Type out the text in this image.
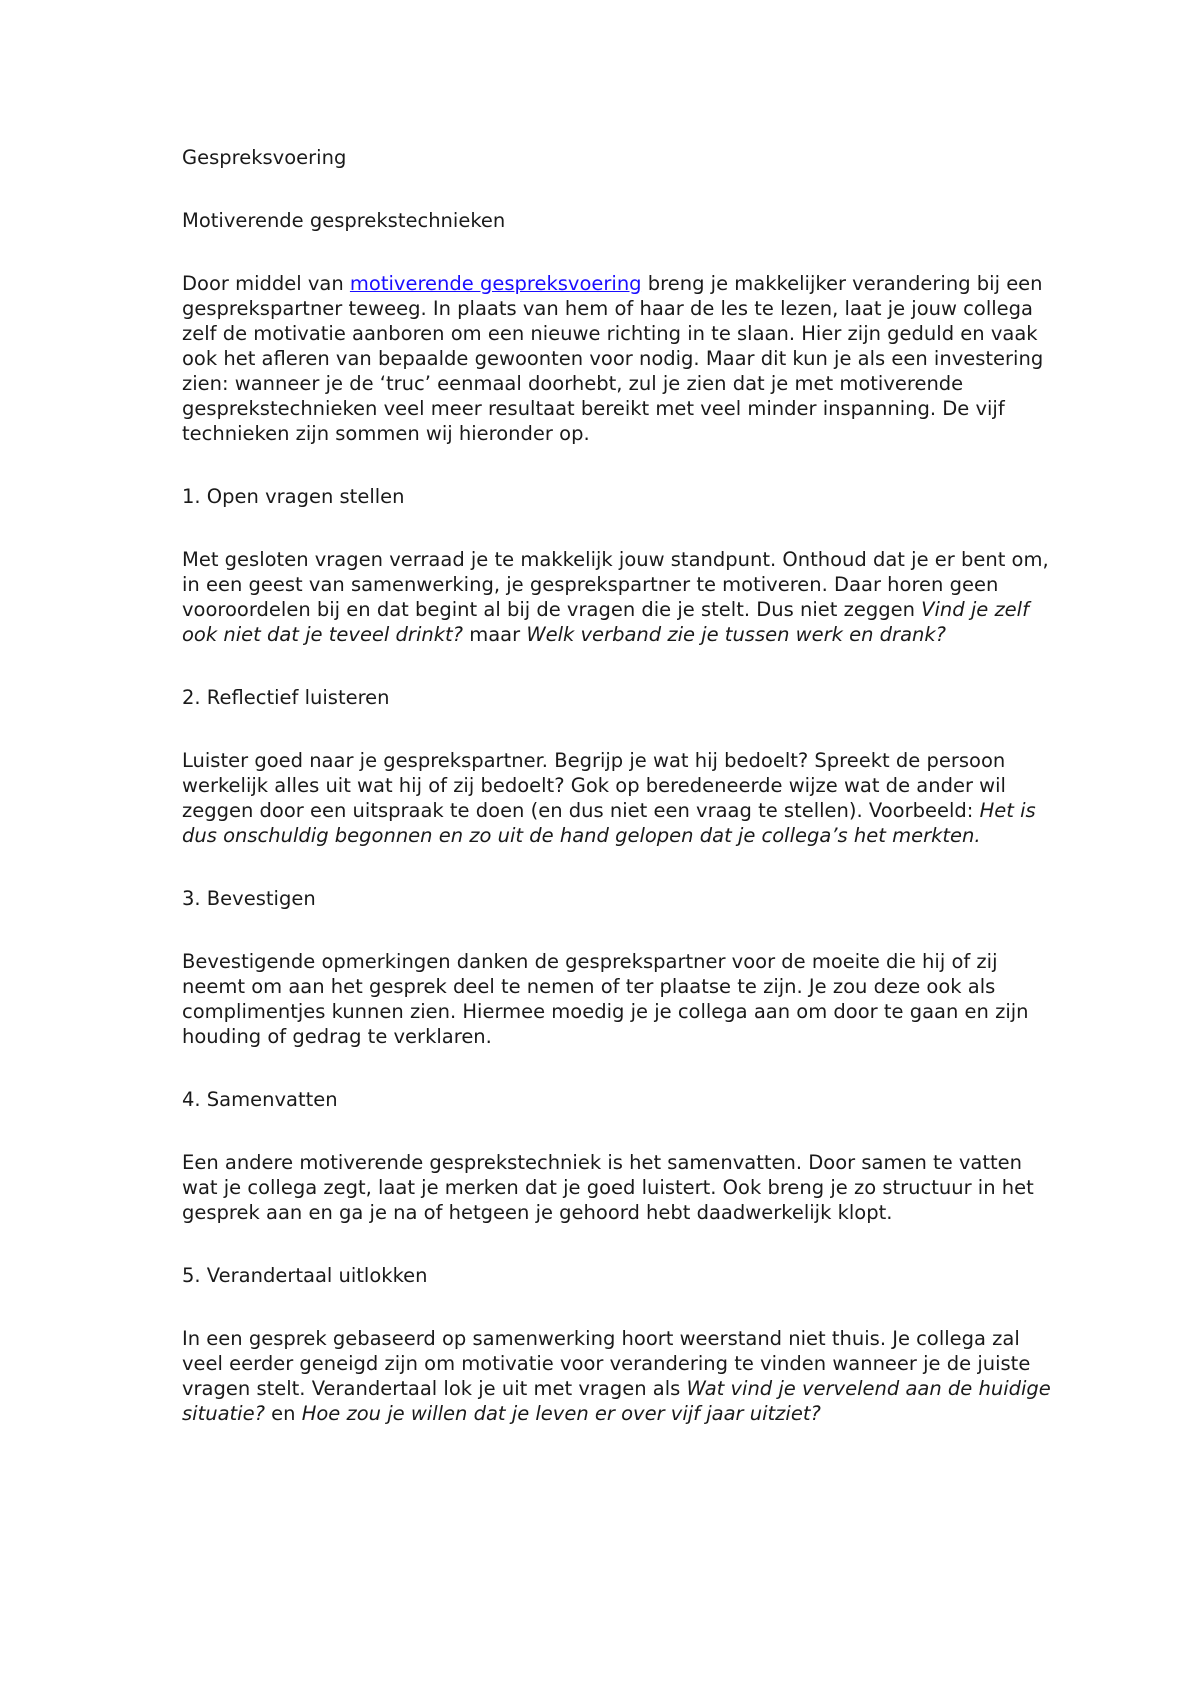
Gespreksvoering

Motiverende gesprekstechnieken

Door middel van motiverende gespreksvoering breng je makkelijker verandering bij een gesprekspartner teweeg. In plaats van hem of haar de les te lezen, laat je jouw collega zelf de motivatie aanboren om een nieuwe richting in te slaan. Hier zijn geduld en vaak ook het afleren van bepaalde gewoonten voor nodig. Maar dit kun je als een investering zien: wanneer je de ‘truc’ eenmaal doorhebt, zul je zien dat je met motiverende gesprekstechnieken veel meer resultaat bereikt met veel minder inspanning. De vijf technieken zijn sommen wij hieronder op.

1. Open vragen stellen

Met gesloten vragen verraad je te makkelijk jouw standpunt. Onthoud dat je er bent om, in een geest van samenwerking, je gesprekspartner te motiveren. Daar horen geen vooroordelen bij en dat begint al bij de vragen die je stelt. Dus niet zeggen Vind je zelf ook niet dat je teveel drinkt? maar Welk verband zie je tussen werk en drank?

2. Reflectief luisteren

Luister goed naar je gesprekspartner. Begrijp je wat hij bedoelt? Spreekt de persoon werkelijk alles uit wat hij of zij bedoelt? Gok op beredeneerde wijze wat de ander wil zeggen door een uitspraak te doen (en dus niet een vraag te stellen). Voorbeeld: Het is dus onschuldig begonnen en zo uit de hand gelopen dat je collega’s het merkten.

3. Bevestigen

Bevestigende opmerkingen danken de gesprekspartner voor de moeite die hij of zij neemt om aan het gesprek deel te nemen of ter plaatse te zijn. Je zou deze ook als complimentjes kunnen zien. Hiermee moedig je je collega aan om door te gaan en zijn houding of gedrag te verklaren.

4. Samenvatten

Een andere motiverende gesprekstechniek is het samenvatten. Door samen te vatten wat je collega zegt, laat je merken dat je goed luistert. Ook breng je zo structuur in het gesprek aan en ga je na of hetgeen je gehoord hebt daadwerkelijk klopt.

5. Verandertaal uitlokken

In een gesprek gebaseerd op samenwerking hoort weerstand niet thuis. Je collega zal veel eerder geneigd zijn om motivatie voor verandering te vinden wanneer je de juiste vragen stelt. Verandertaal lok je uit met vragen als Wat vind je vervelend aan de huidige situatie? en Hoe zou je willen dat je leven er over vijf jaar uitziet?
